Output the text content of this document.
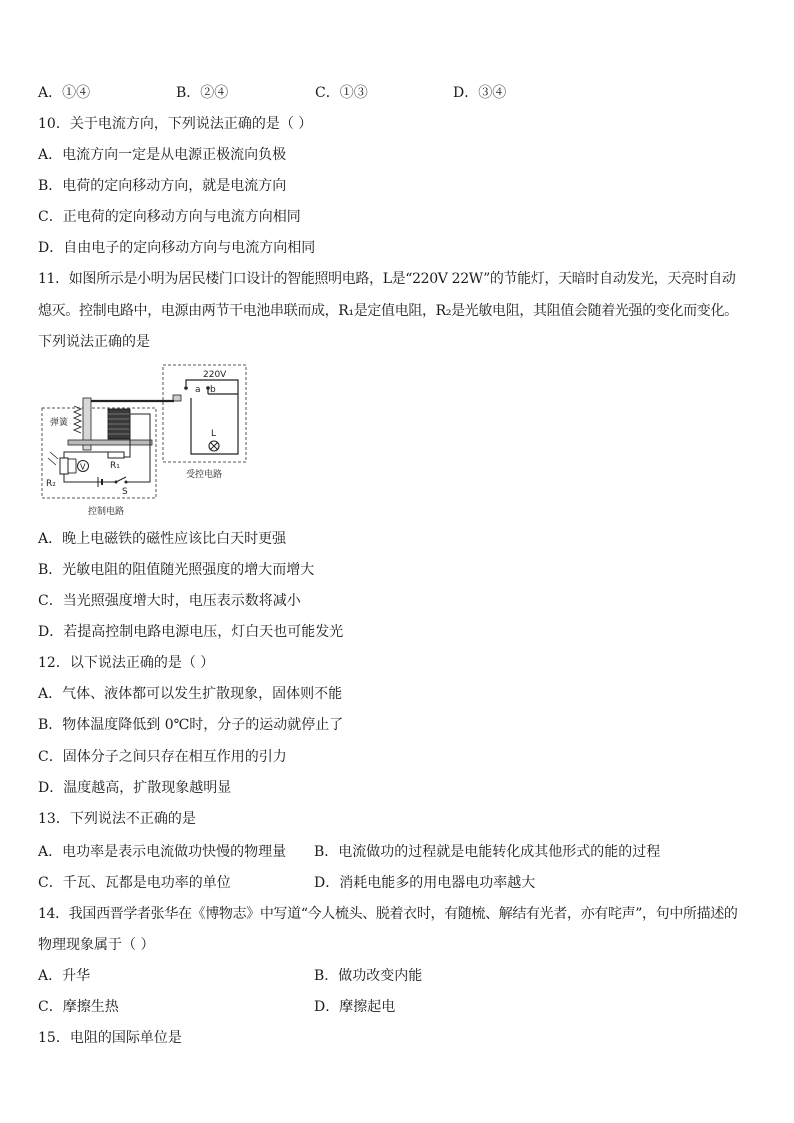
A．①④	B．②④	C．①③	D．③④
10．关于电流方向，下列说法正确的是（ ）
A．电流方向一定是从电源正极流向负极
B．电荷的定向移动方向，就是电流方向
C．正电荷的定向移动方向与电流方向相同
D．自由电子的定向移动方向与电流方向相同
11．如图所示是小明为居民楼门口设计的智能照明电路，L是“220V 22W”的节能灯，天暗时自动发光，天亮时自动
熄灭。控制电路中，电源由两节干电池串联而成，R₁是定值电阻，R₂是光敏电阻，其阻值会随着光强的变化而变化。
下列说法正确的是
220V
a b
L
受控电路
弹簧
R₁
R₂
V
S
控制电路
A．晚上电磁铁的磁性应该比白天时更强
B．光敏电阻的阻值随光照强度的增大而增大
C．当光照强度增大时，电压表示数将减小
D．若提高控制电路电源电压，灯白天也可能发光
12．以下说法正确的是（ ）
A．气体、液体都可以发生扩散现象，固体则不能
B．物体温度降低到 0℃时，分子的运动就停止了
C．固体分子之间只存在相互作用的引力
D．温度越高，扩散现象越明显
13．下列说法不正确的是
A．电功率是表示电流做功快慢的物理量 B．电流做功的过程就是电能转化成其他形式的能的过程
C．千瓦、瓦都是电功率的单位	D．消耗电能多的用电器电功率越大
14．我国西晋学者张华在《博物志》中写道“今人梳头、脱着衣时，有随梳、解结有光者，亦有咤声”，句中所描述的
物理现象属于（ ）
A．升华	B．做功改变内能
C．摩擦生热	D．摩擦起电
15．电阻的国际单位是
